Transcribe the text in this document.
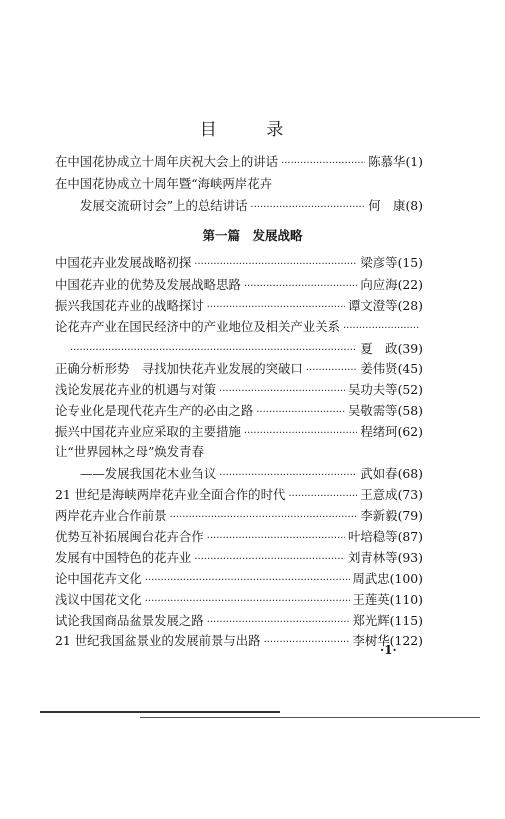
目 录
在中国花协成立十周年庆祝大会上的讲话 ·····	陈慕华(1)
在中国花协成立十周年暨“海峡两岸花卉
发展交流研讨会”上的总结讲话 ·····	何　康(8)
第一篇　发展战略
中国花卉业发展战略初探 ·····	梁彦等(15)
中国花卉业的优势及发展战略思路 ·····	向应海(22)
振兴我国花卉业的战略探讨 ·····	谭文澄等(28)
论花卉产业在国民经济中的产业地位及相关产业关系
·····
·····
夏　政(39)
正确分析形势　寻找加快花卉业发展的突破口 ·····	姜伟贤(45)
浅论发展花卉业的机遇与对策 ·····	吴功夫等(52)
论专业化是现代花卉生产的必由之路 ·····	吴敬需等(58)
振兴中国花卉业应采取的主要措施 ·····	程绪珂(62)
让“世界园林之母”焕发青春
——发展我国花木业刍议 ·····	武如春(68)
21 世纪是海峡两岸花卉业全面合作的时代 ·····	王意成(73)
两岸花卉业合作前景 ·····	李新毅(79)
优势互补拓展闽台花卉合作 ·····	叶培稳等(87)
发展有中国特色的花卉业 ·····	刘青林等(93)
论中国花卉文化 ·····	周武忠(100)
浅议中国花文化 ·····	王莲英(110)
试论我国商品盆景发展之路 ·····	郑光辉(115)
21 世纪我国盆景业的发展前景与出路 ·····	李树华(122)
·1·
